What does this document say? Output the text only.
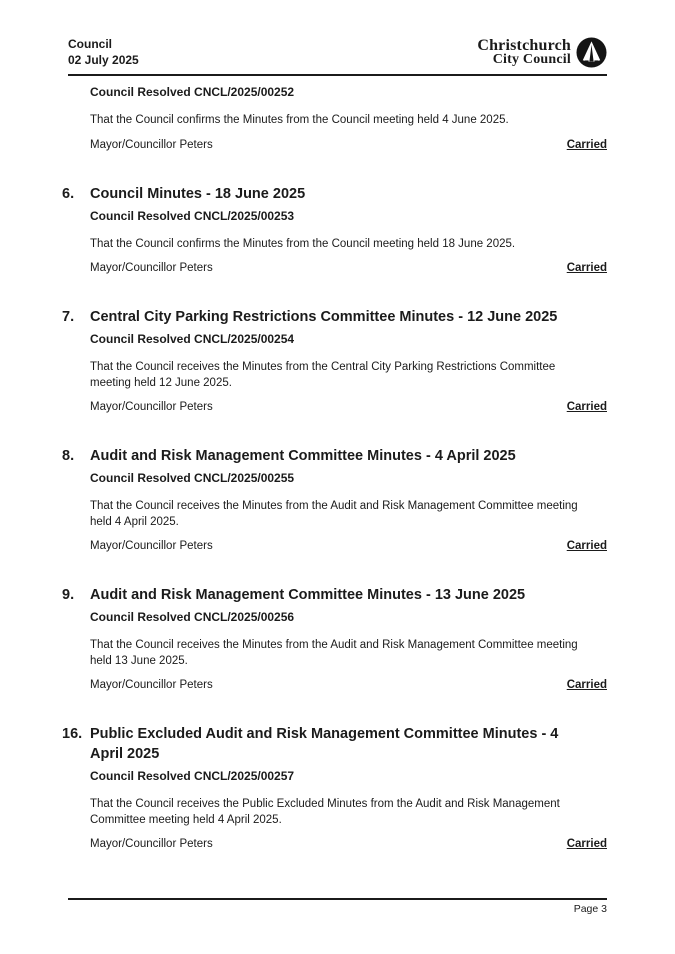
Council
02 July 2025
Christchurch
City Council
Council Resolved CNCL/2025/00252

That the Council confirms the Minutes from the Council meeting held 4 June 2025.

Mayor/Councillor Peters	Carried
6.	Council Minutes - 18 June 2025
Council Resolved CNCL/2025/00253

That the Council confirms the Minutes from the Council meeting held 18 June 2025.

Mayor/Councillor Peters	Carried
7.	Central City Parking Restrictions Committee Minutes - 12 June 2025
Council Resolved CNCL/2025/00254

That the Council receives the Minutes from the Central City Parking Restrictions Committee meeting held 12 June 2025.

Mayor/Councillor Peters	Carried
8.	Audit and Risk Management Committee Minutes - 4 April 2025
Council Resolved CNCL/2025/00255

That the Council receives the Minutes from the Audit and Risk Management Committee meeting held 4 April 2025.

Mayor/Councillor Peters	Carried
9.	Audit and Risk Management Committee Minutes - 13 June 2025
Council Resolved CNCL/2025/00256

That the Council receives the Minutes from the Audit and Risk Management Committee meeting held 13 June 2025.

Mayor/Councillor Peters	Carried
16. Public Excluded Audit and Risk Management Committee Minutes - 4 April 2025
Council Resolved CNCL/2025/00257

That the Council receives the Public Excluded Minutes from the Audit and Risk Management Committee meeting held 4 April 2025.

Mayor/Councillor Peters	Carried
Page 3
